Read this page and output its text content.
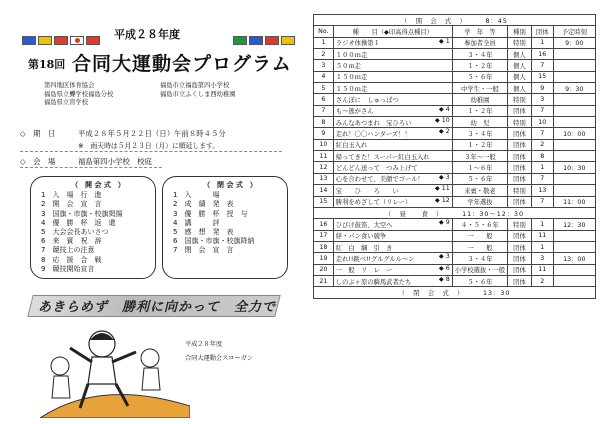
平成２８年度
第18回 合同大運動会プログラム
第四地区体育協会
福島県立聾学校福島分校
福島県立盲学校
福島市立福島第四小学校
福島市立ふくしま西幼稚園
◇　期　日	平成２８年５月２２日（日）午前８時４５分
※　雨天時は５月２３日（月）に順延します。
◇　会　場	福島第四小学校　校庭
（　開 会 式　）
1　入　場　行　進
2　開　会　宣　言
3　国旗・市旗・校旗掲揚
4　優　勝　杯　返　還
5　大会会長あいさつ
6　来　賓　祝　辞
7　競技上の注意
8　応　援　合　戦
9　競技開始宣言
（　閉 会 式　）
1　入　　　場
2　成　績　発　表
3　優　勝　杯　授　与
4　講　　　評
5　感　想　発　表
6　国旗・市旗・校旗降納
7　閉　会　宣　言
あきらめず　勝利に向かって　全力で
平成２８年度
合同大運動会スローガン
（　開　会　式　）　　　8：45					
No.	種　　目（◆印高得点種目）	学　年　等	種別	団体	予定時刻
1	ラジオ体操第１ ◆ 1	参加者全員	特別	1	9：00
2	１００ｍ走	３・４年	個人	16	
3	５０ｍ走	１・２年	個人	7	
4	１５０ｍ走	５・６年	個人	15	
5	１５０ｍ走	中学生・一般	個人	9	9：30
6	さんぽに　しゅっぱつ	幼稚園	特別	3	
7	も〜逃がさん ◆ 4	１・２年	団体	7	
8	みんなあつまれ　宝ひろい ◆ 10	幼　児	特別	10	
9	走れ！〇〇ハンターズ！！ ◆ 2	３・４年	団体	7	10：00
10	紅白玉入れ	１・２年	団体	2	
11	帰ってきた！スーパー紅白玉入れ	３年〜一般	団体	8	
12	どんどん送って　つみ上げて	１〜６年	団体	1	10：30
13	心を合わせて、美顔でゴール！ ◆ 3	５・６年	団体	7	
14	宝　　ひ　　ろ　　い ◆ 11	来賓・敬老	特別	13	
15	勝利をめざして（リレー） ◆ 12	学年選抜	団体	7	11：00
（　昼　　食　）　　　11：30〜12：30					
16	ひびけ鼓笛、大空へ ◆ 9	４・５・６年	特別	1	12：30
17	絆・パン食い競争	一　　般	団体	11	
18	紅　白　綱　引　き	一　　般	団体	1	
19	走れ!!跳べ!!グルグルル〜ン ◆ 3	３・４年	団体	3	13：00
20	一　般　リ　レ　ー ◆ 6	小学校選抜・一般	団体	11	
21	しのぶヶ原の騎馬武者たち ◆ 8	５・６年	団体	2	
（　閉　会　式　）　　　13：30					
